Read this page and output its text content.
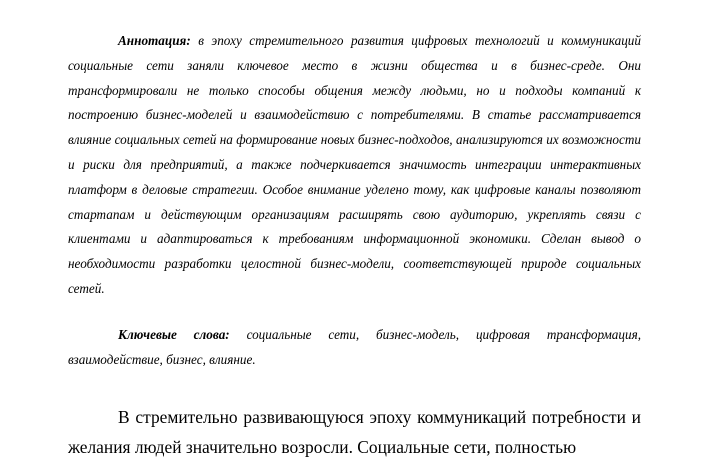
Аннотация: в эпоху стремительного развития цифровых технологий и коммуникаций социальные сети заняли ключевое место в жизни общества и в бизнес-среде. Они трансформировали не только способы общения между людьми, но и подходы компаний к построению бизнес-моделей и взаимодействию с потребителями. В статье рассматривается влияние социальных сетей на формирование новых бизнес-подходов, анализируются их возможности и риски для предприятий, а также подчеркивается значимость интеграции интерактивных платформ в деловые стратегии. Особое внимание уделено тому, как цифровые каналы позволяют стартапам и действующим организациям расширять свою аудиторию, укреплять связи с клиентами и адаптироваться к требованиям информационной экономики. Сделан вывод о необходимости разработки целостной бизнес-модели, соответствующей природе социальных сетей.

Ключевые слова: социальные сети, бизнес-модель, цифровая трансформация, взаимодействие, бизнес, влияние.

В стремительно развивающуюся эпоху коммуникаций потребности и желания людей значительно возросли. Социальные сети, полностью
